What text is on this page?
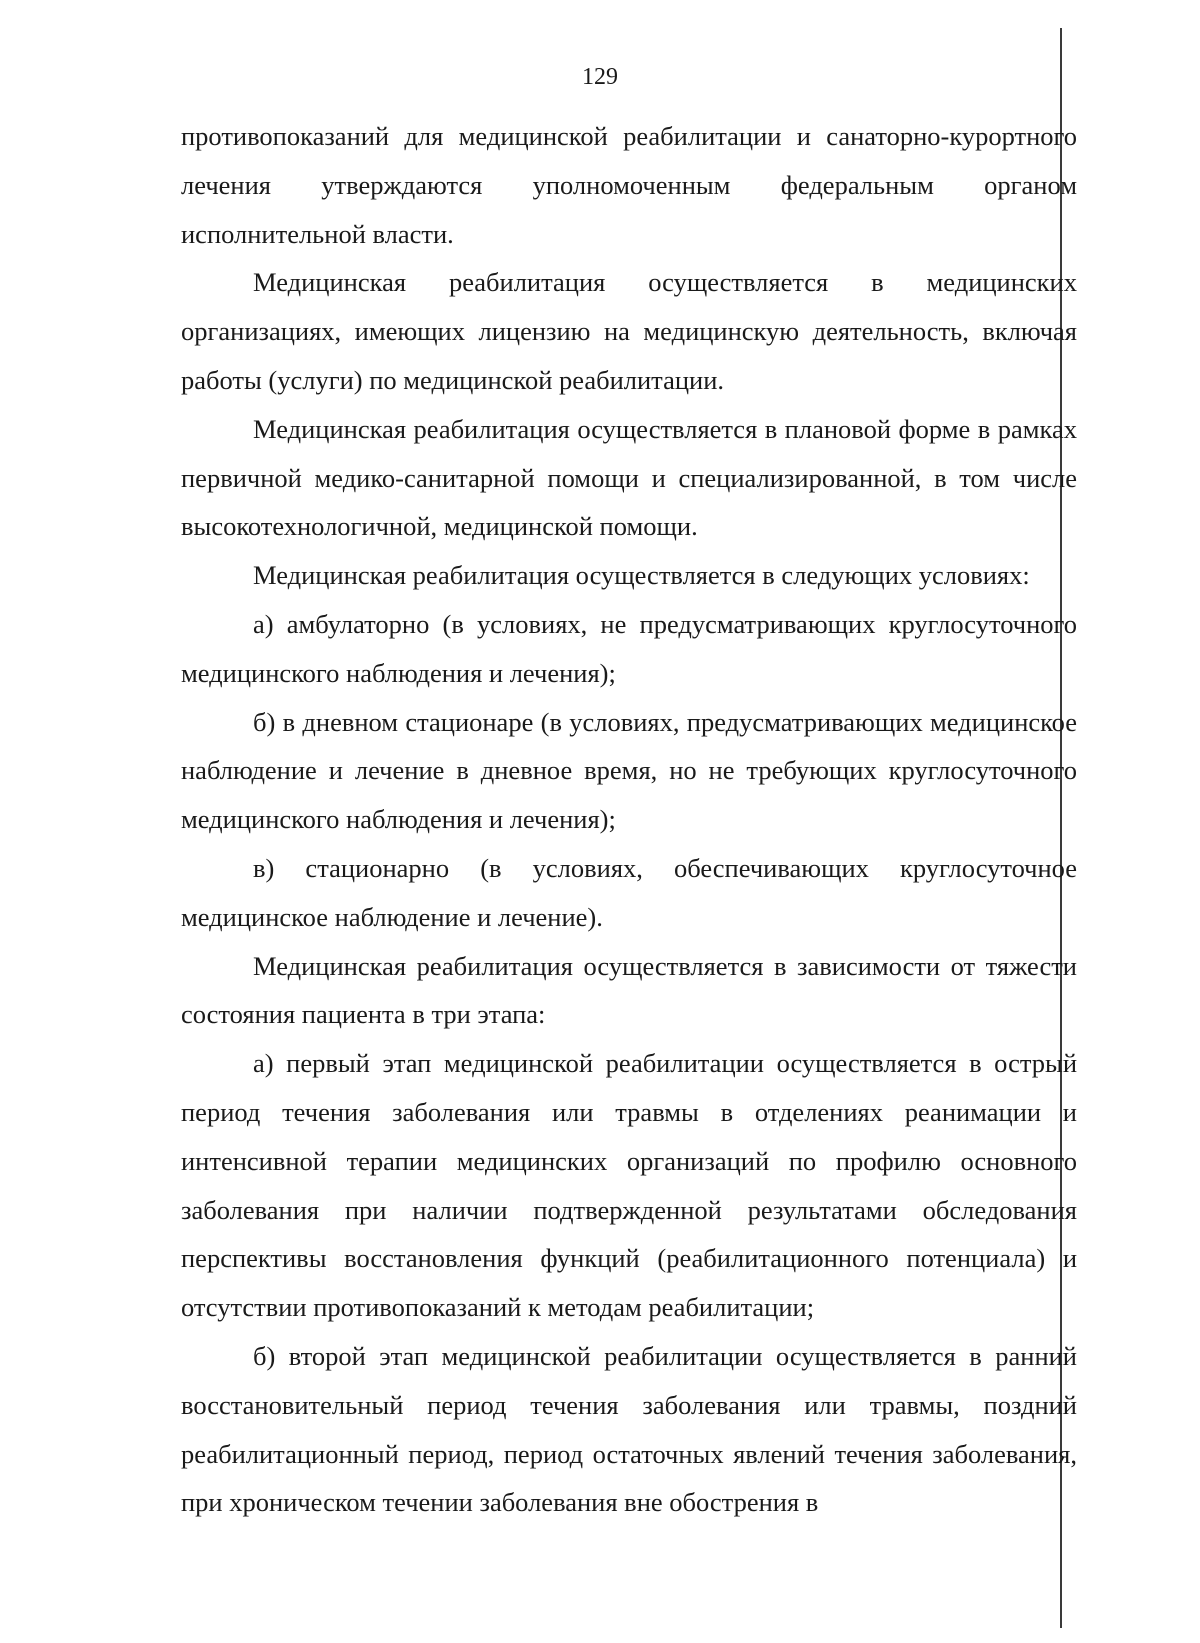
129

противопоказаний для медицинской реабилитации и санаторно-курортного лечения утверждаются уполномоченным федеральным органом исполнительной власти.

Медицинская реабилитация осуществляется в медицинских организациях, имеющих лицензию на медицинскую деятельность, включая работы (услуги) по медицинской реабилитации.

Медицинская реабилитация осуществляется в плановой форме в рамках первичной медико-санитарной помощи и специализированной, в том числе высокотехнологичной, медицинской помощи.

Медицинская реабилитация осуществляется в следующих условиях:

а) амбулаторно (в условиях, не предусматривающих круглосуточного медицинского наблюдения и лечения);

б) в дневном стационаре (в условиях, предусматривающих медицинское наблюдение и лечение в дневное время, но не требующих круглосуточного медицинского наблюдения и лечения);

в) стационарно (в условиях, обеспечивающих круглосуточное медицинское наблюдение и лечение).

Медицинская реабилитация осуществляется в зависимости от тяжести состояния пациента в три этапа:

а) первый этап медицинской реабилитации осуществляется в острый период течения заболевания или травмы в отделениях реанимации и интенсивной терапии медицинских организаций по профилю основного заболевания при наличии подтвержденной результатами обследования перспективы восстановления функций (реабилитационного потенциала) и отсутствии противопоказаний к методам реабилитации;

б) второй этап медицинской реабилитации осуществляется в ранний восстановительный период течения заболевания или травмы, поздний реабилитационный период, период остаточных явлений течения заболевания, при хроническом течении заболевания вне обострения в
